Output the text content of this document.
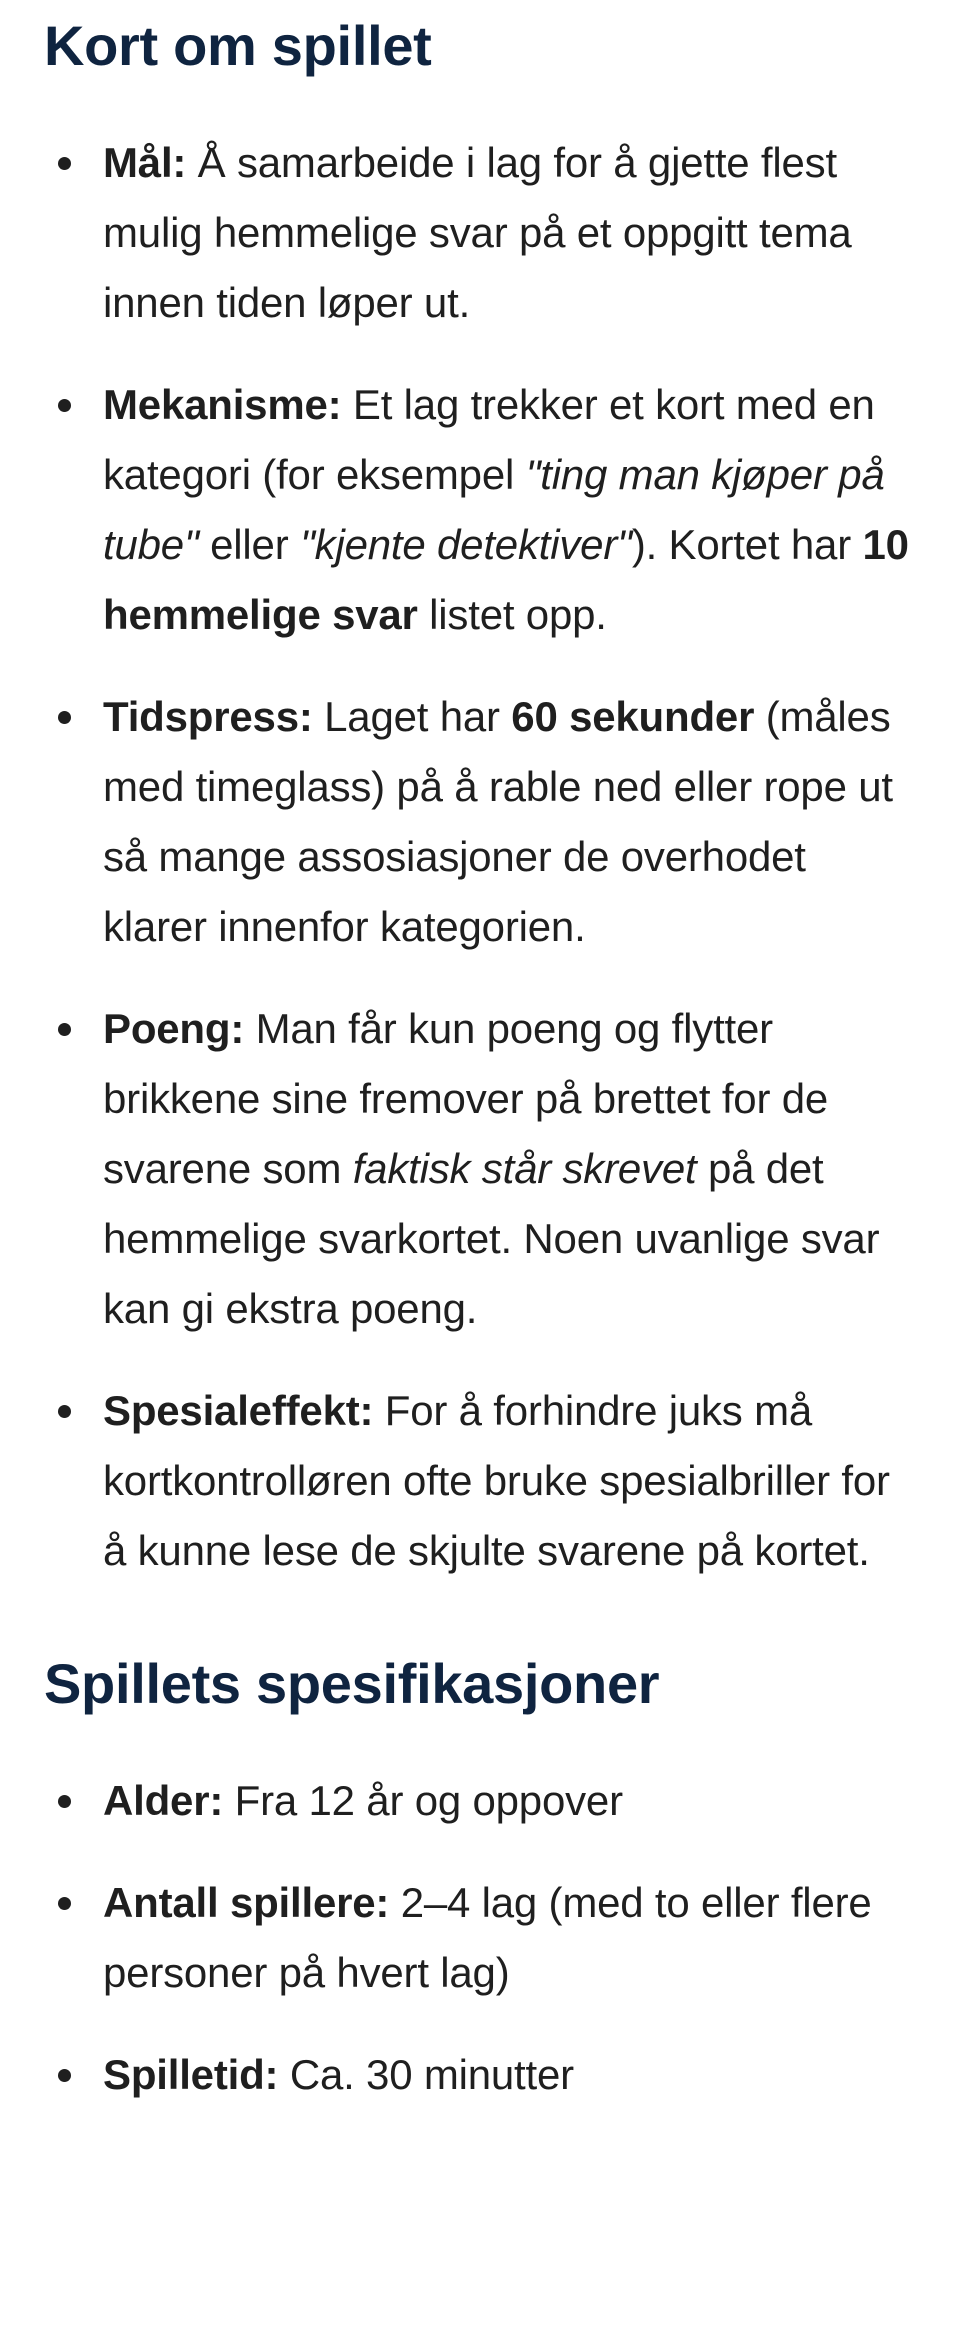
Kort om spillet
Mål: Å samarbeide i lag for å gjette flest mulig hemmelige svar på et oppgitt tema innen tiden løper ut.
Mekanisme: Et lag trekker et kort med en kategori (for eksempel "ting man kjøper på tube" eller "kjente detektiver"). Kortet har 10 hemmelige svar listet opp.
Tidspress: Laget har 60 sekunder (måles med timeglass) på å rable ned eller rope ut så mange assosiasjoner de overhodet klarer innenfor kategorien.
Poeng: Man får kun poeng og flytter brikkene sine fremover på brettet for de svarene som faktisk står skrevet på det hemmelige svarkortet. Noen uvanlige svar kan gi ekstra poeng.
Spesialeffekt: For å forhindre juks må kortkontrolløren ofte bruke spesialbriller for å kunne lese de skjulte svarene på kortet.
Spillets spesifikasjoner
Alder: Fra 12 år og oppover
Antall spillere: 2–4 lag (med to eller flere personer på hvert lag)
Spilletid: Ca. 30 minutter
